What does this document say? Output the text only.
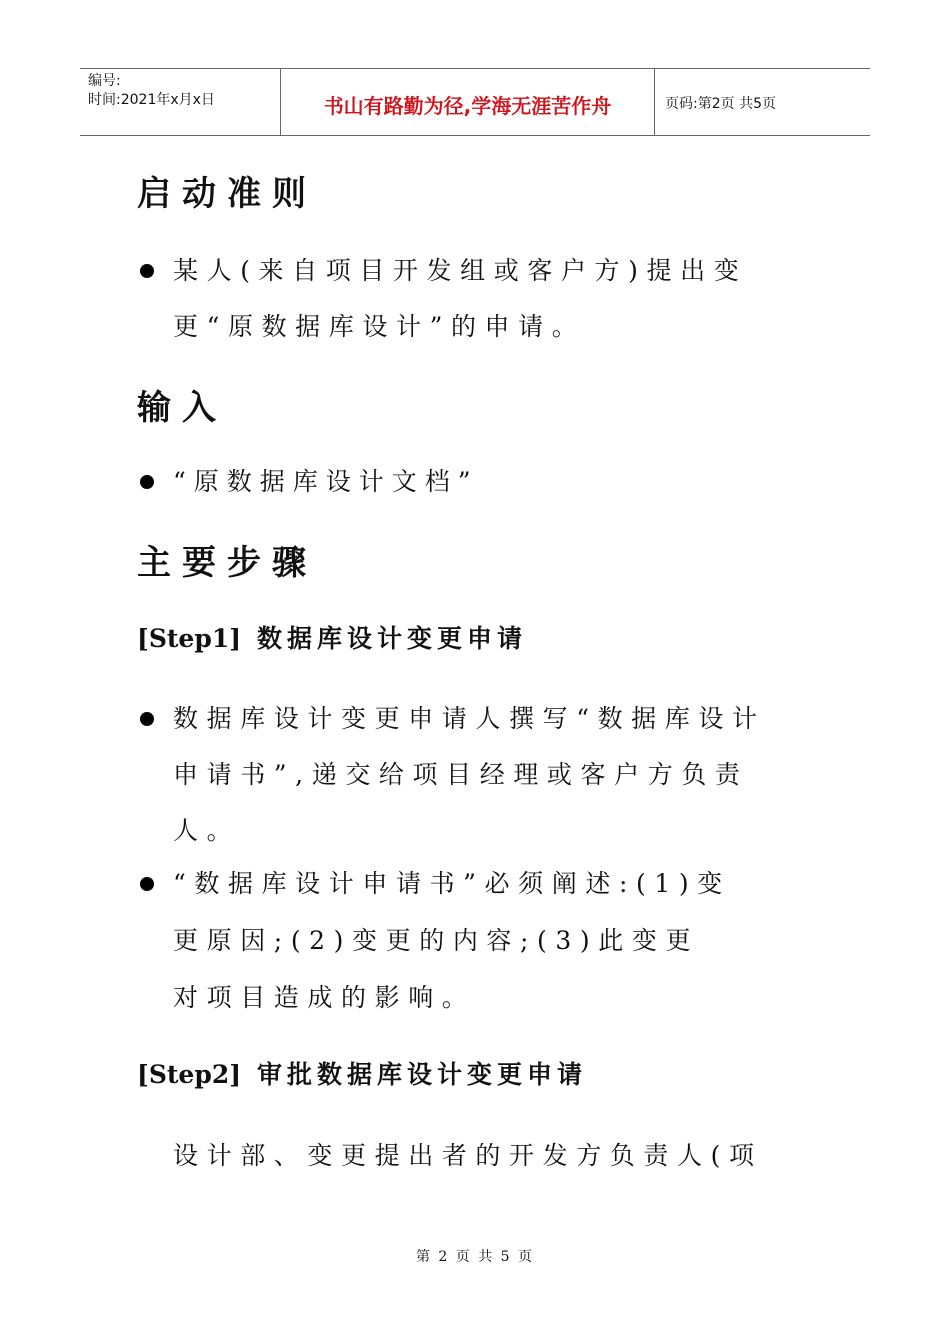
编号:
时间:2021年x月x日	书山有路勤为径,学海无涯苦作舟	页码:第2页 共5页
启动准则
某人(来自项目开发组或客户方)提出变
更“原数据库设计”的申请。
输入
“原数据库设计文档”
主要步骤
[Step1] 数据库设计变更申请
数据库设计变更申请人撰写“数据库设计
申请书”,递交给项目经理或客户方负责
人。
“数据库设计申请书”必须阐述:(1)变
更原因;(2)变更的内容;(3)此变更
对项目造成的影响。
[Step2] 审批数据库设计变更申请
设计部、变更提出者的开发方负责人(项
第 2 页 共 5 页
